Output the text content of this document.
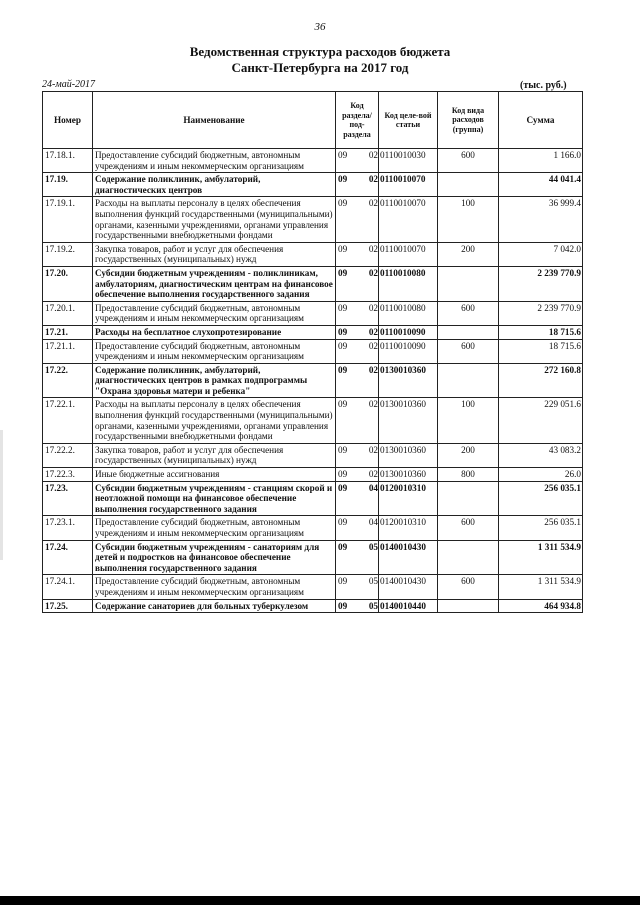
36
Ведомственная структура расходов бюджета
Санкт-Петербурга на 2017 год
24-май-2017	(тыс. руб.)
Номер	Наименование	Код раздела/ под-раздела	Код целе-вой статьи	Код вида расходов (группа)	Сумма
17.18.1.	Предоставление субсидий бюджетным, автономным учреждениям и иным некоммерческим организациям	09 02	0110010030	600	1 166.0
17.19.	Содержание поликлиник, амбулаторий, диагностических центров	09 02	0110010070		44 041.4
17.19.1.	Расходы на выплаты персоналу в целях обеспечения выполнения функций государственными (муниципальными) органами, казенными учреждениями, органами управления государственными внебюджетными фондами	09 02	0110010070	100	36 999.4
17.19.2.	Закупка товаров, работ и услуг для обеспечения государственных (муниципальных) нужд	09 02	0110010070	200	7 042.0
17.20.	Субсидии бюджетным учреждениям - поликлиникам, амбулаториям, диагностическим центрам на финансовое обеспечение выполнения государственного задания	09 02	0110010080		2 239 770.9
17.20.1.	Предоставление субсидий бюджетным, автономным учреждениям и иным некоммерческим организациям	09 02	0110010080	600	2 239 770.9
17.21.	Расходы на бесплатное слухопротезирование	09 02	0110010090		18 715.6
17.21.1.	Предоставление субсидий бюджетным, автономным учреждениям и иным некоммерческим организациям	09 02	0110010090	600	18 715.6
17.22.	Содержание поликлиник, амбулаторий, диагностических центров в рамках подпрограммы "Охрана здоровья матери и ребенка"	09 02	0130010360		272 160.8
17.22.1.	Расходы на выплаты персоналу в целях обеспечения выполнения функций государственными (муниципальными) органами, казенными учреждениями, органами управления государственными внебюджетными фондами	09 02	0130010360	100	229 051.6
17.22.2.	Закупка товаров, работ и услуг для обеспечения государственных (муниципальных) нужд	09 02	0130010360	200	43 083.2
17.22.3.	Иные бюджетные ассигнования	09 02	0130010360	800	26.0
17.23.	Субсидии бюджетным учреждениям - станциям скорой и неотложной помощи на финансовое обеспечение выполнения государственного задания	09 04	0120010310		256 035.1
17.23.1.	Предоставление субсидий бюджетным, автономным учреждениям и иным некоммерческим организациям	09 04	0120010310	600	256 035.1
17.24.	Субсидии бюджетным учреждениям - санаториям для детей и подростков на финансовое обеспечение выполнения государственного задания	09 05	0140010430		1 311 534.9
17.24.1.	Предоставление субсидий бюджетным, автономным учреждениям и иным некоммерческим организациям	09 05	0140010430	600	1 311 534.9
17.25.	Содержание санаториев для больных туберкулезом	09 05	0140010440		464 934.8
